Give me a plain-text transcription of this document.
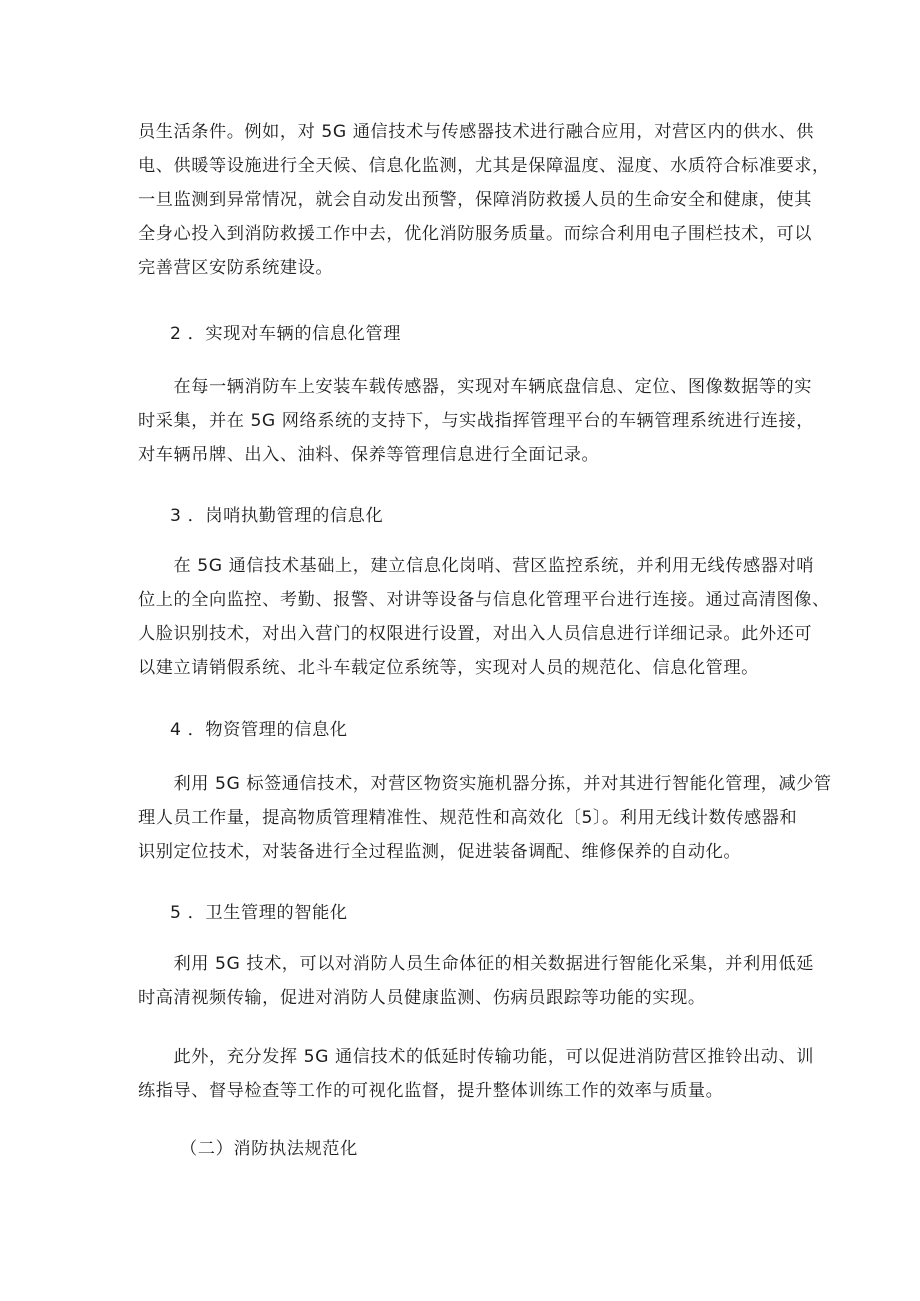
员生活条件。例如，对 5G 通信技术与传感器技术进行融合应用，对营区内的供水、供
电、供暖等设施进行全天候、信息化监测，尤其是保障温度、湿度、水质符合标准要求，
一旦监测到异常情况，就会自动发出预警，保障消防救援人员的生命安全和健康，使其
全身心投入到消防救援工作中去，优化消防服务质量。而综合利用电子围栏技术，可以
完善营区安防系统建设。
2 ．实现对车辆的信息化管理
　　在每一辆消防车上安装车载传感器，实现对车辆底盘信息、定位、图像数据等的实
时采集，并在 5G 网络系统的支持下，与实战指挥管理平台的车辆管理系统进行连接，
对车辆吊牌、出入、油料、保养等管理信息进行全面记录。
3 ．岗哨执勤管理的信息化
　　在 5G 通信技术基础上，建立信息化岗哨、营区监控系统，并利用无线传感器对哨
位上的全向监控、考勤、报警、对讲等设备与信息化管理平台进行连接。通过高清图像、
人脸识别技术，对出入营门的权限进行设置，对出入人员信息进行详细记录。此外还可
以建立请销假系统、北斗车载定位系统等，实现对人员的规范化、信息化管理。
4 ．物资管理的信息化
　　利用 5G 标签通信技术，对营区物资实施机器分拣，并对其进行智能化管理，减少管
理人员工作量，提高物质管理精准性、规范性和高效化〔5〕。利用无线计数传感器和
识别定位技术，对装备进行全过程监测，促进装备调配、维修保养的自动化。
5 ．卫生管理的智能化
　　利用 5G 技术，可以对消防人员生命体征的相关数据进行智能化采集，并利用低延
时高清视频传输，促进对消防人员健康监测、伤病员跟踪等功能的实现。
　　此外，充分发挥 5G 通信技术的低延时传输功能，可以促进消防营区推铃出动、训
练指导、督导检查等工作的可视化监督，提升整体训练工作的效率与质量。
（二）消防执法规范化
